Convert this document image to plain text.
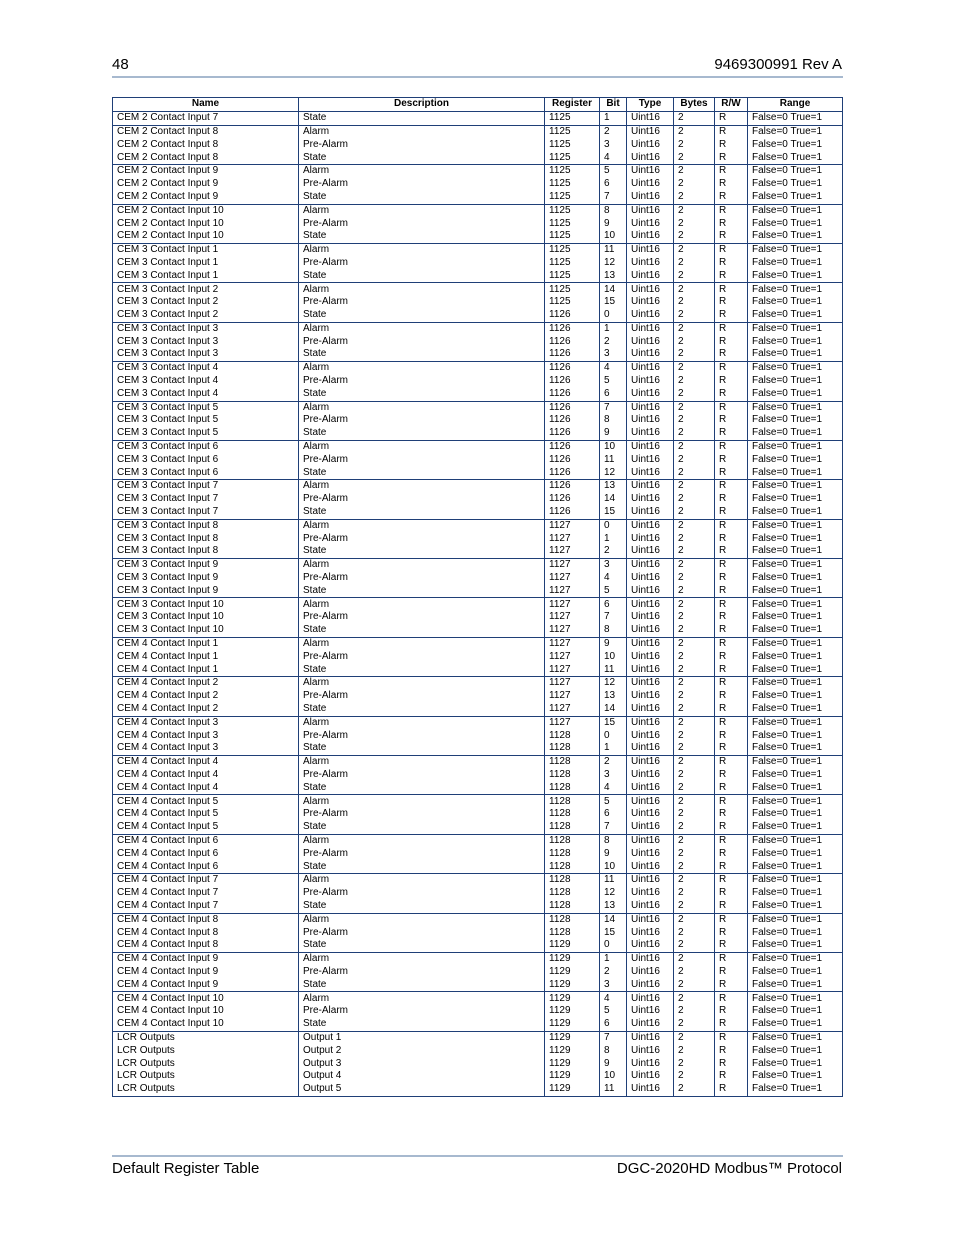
48	9469300991 Rev A
Name	Description	Register	Bit	Type	Bytes	R/W	Range
CEM 2 Contact Input 7	State	1125	1	Uint16	2	R	False=0 True=1
CEM 2 Contact Input 8	Alarm	1125	2	Uint16	2	R	False=0 True=1
CEM 2 Contact Input 8	Pre-Alarm	1125	3	Uint16	2	R	False=0 True=1
CEM 2 Contact Input 8	State	1125	4	Uint16	2	R	False=0 True=1
CEM 2 Contact Input 9	Alarm	1125	5	Uint16	2	R	False=0 True=1
CEM 2 Contact Input 9	Pre-Alarm	1125	6	Uint16	2	R	False=0 True=1
CEM 2 Contact Input 9	State	1125	7	Uint16	2	R	False=0 True=1
CEM 2 Contact Input 10	Alarm	1125	8	Uint16	2	R	False=0 True=1
CEM 2 Contact Input 10	Pre-Alarm	1125	9	Uint16	2	R	False=0 True=1
CEM 2 Contact Input 10	State	1125	10	Uint16	2	R	False=0 True=1
CEM 3 Contact Input 1	Alarm	1125	11	Uint16	2	R	False=0 True=1
CEM 3 Contact Input 1	Pre-Alarm	1125	12	Uint16	2	R	False=0 True=1
CEM 3 Contact Input 1	State	1125	13	Uint16	2	R	False=0 True=1
CEM 3 Contact Input 2	Alarm	1125	14	Uint16	2	R	False=0 True=1
CEM 3 Contact Input 2	Pre-Alarm	1125	15	Uint16	2	R	False=0 True=1
CEM 3 Contact Input 2	State	1126	0	Uint16	2	R	False=0 True=1
CEM 3 Contact Input 3	Alarm	1126	1	Uint16	2	R	False=0 True=1
CEM 3 Contact Input 3	Pre-Alarm	1126	2	Uint16	2	R	False=0 True=1
CEM 3 Contact Input 3	State	1126	3	Uint16	2	R	False=0 True=1
CEM 3 Contact Input 4	Alarm	1126	4	Uint16	2	R	False=0 True=1
CEM 3 Contact Input 4	Pre-Alarm	1126	5	Uint16	2	R	False=0 True=1
CEM 3 Contact Input 4	State	1126	6	Uint16	2	R	False=0 True=1
CEM 3 Contact Input 5	Alarm	1126	7	Uint16	2	R	False=0 True=1
CEM 3 Contact Input 5	Pre-Alarm	1126	8	Uint16	2	R	False=0 True=1
CEM 3 Contact Input 5	State	1126	9	Uint16	2	R	False=0 True=1
CEM 3 Contact Input 6	Alarm	1126	10	Uint16	2	R	False=0 True=1
CEM 3 Contact Input 6	Pre-Alarm	1126	11	Uint16	2	R	False=0 True=1
CEM 3 Contact Input 6	State	1126	12	Uint16	2	R	False=0 True=1
CEM 3 Contact Input 7	Alarm	1126	13	Uint16	2	R	False=0 True=1
CEM 3 Contact Input 7	Pre-Alarm	1126	14	Uint16	2	R	False=0 True=1
CEM 3 Contact Input 7	State	1126	15	Uint16	2	R	False=0 True=1
CEM 3 Contact Input 8	Alarm	1127	0	Uint16	2	R	False=0 True=1
CEM 3 Contact Input 8	Pre-Alarm	1127	1	Uint16	2	R	False=0 True=1
CEM 3 Contact Input 8	State	1127	2	Uint16	2	R	False=0 True=1
CEM 3 Contact Input 9	Alarm	1127	3	Uint16	2	R	False=0 True=1
CEM 3 Contact Input 9	Pre-Alarm	1127	4	Uint16	2	R	False=0 True=1
CEM 3 Contact Input 9	State	1127	5	Uint16	2	R	False=0 True=1
CEM 3 Contact Input 10	Alarm	1127	6	Uint16	2	R	False=0 True=1
CEM 3 Contact Input 10	Pre-Alarm	1127	7	Uint16	2	R	False=0 True=1
CEM 3 Contact Input 10	State	1127	8	Uint16	2	R	False=0 True=1
CEM 4 Contact Input 1	Alarm	1127	9	Uint16	2	R	False=0 True=1
CEM 4 Contact Input 1	Pre-Alarm	1127	10	Uint16	2	R	False=0 True=1
CEM 4 Contact Input 1	State	1127	11	Uint16	2	R	False=0 True=1
CEM 4 Contact Input 2	Alarm	1127	12	Uint16	2	R	False=0 True=1
CEM 4 Contact Input 2	Pre-Alarm	1127	13	Uint16	2	R	False=0 True=1
CEM 4 Contact Input 2	State	1127	14	Uint16	2	R	False=0 True=1
CEM 4 Contact Input 3	Alarm	1127	15	Uint16	2	R	False=0 True=1
CEM 4 Contact Input 3	Pre-Alarm	1128	0	Uint16	2	R	False=0 True=1
CEM 4 Contact Input 3	State	1128	1	Uint16	2	R	False=0 True=1
CEM 4 Contact Input 4	Alarm	1128	2	Uint16	2	R	False=0 True=1
CEM 4 Contact Input 4	Pre-Alarm	1128	3	Uint16	2	R	False=0 True=1
CEM 4 Contact Input 4	State	1128	4	Uint16	2	R	False=0 True=1
CEM 4 Contact Input 5	Alarm	1128	5	Uint16	2	R	False=0 True=1
CEM 4 Contact Input 5	Pre-Alarm	1128	6	Uint16	2	R	False=0 True=1
CEM 4 Contact Input 5	State	1128	7	Uint16	2	R	False=0 True=1
CEM 4 Contact Input 6	Alarm	1128	8	Uint16	2	R	False=0 True=1
CEM 4 Contact Input 6	Pre-Alarm	1128	9	Uint16	2	R	False=0 True=1
CEM 4 Contact Input 6	State	1128	10	Uint16	2	R	False=0 True=1
CEM 4 Contact Input 7	Alarm	1128	11	Uint16	2	R	False=0 True=1
CEM 4 Contact Input 7	Pre-Alarm	1128	12	Uint16	2	R	False=0 True=1
CEM 4 Contact Input 7	State	1128	13	Uint16	2	R	False=0 True=1
CEM 4 Contact Input 8	Alarm	1128	14	Uint16	2	R	False=0 True=1
CEM 4 Contact Input 8	Pre-Alarm	1128	15	Uint16	2	R	False=0 True=1
CEM 4 Contact Input 8	State	1129	0	Uint16	2	R	False=0 True=1
CEM 4 Contact Input 9	Alarm	1129	1	Uint16	2	R	False=0 True=1
CEM 4 Contact Input 9	Pre-Alarm	1129	2	Uint16	2	R	False=0 True=1
CEM 4 Contact Input 9	State	1129	3	Uint16	2	R	False=0 True=1
CEM 4 Contact Input 10	Alarm	1129	4	Uint16	2	R	False=0 True=1
CEM 4 Contact Input 10	Pre-Alarm	1129	5	Uint16	2	R	False=0 True=1
CEM 4 Contact Input 10	State	1129	6	Uint16	2	R	False=0 True=1
LCR Outputs	Output 1	1129	7	Uint16	2	R	False=0 True=1
LCR Outputs	Output 2	1129	8	Uint16	2	R	False=0 True=1
LCR Outputs	Output 3	1129	9	Uint16	2	R	False=0 True=1
LCR Outputs	Output 4	1129	10	Uint16	2	R	False=0 True=1
LCR Outputs	Output 5	1129	11	Uint16	2	R	False=0 True=1
Default Register Table	DGC-2020HD Modbus™ Protocol
